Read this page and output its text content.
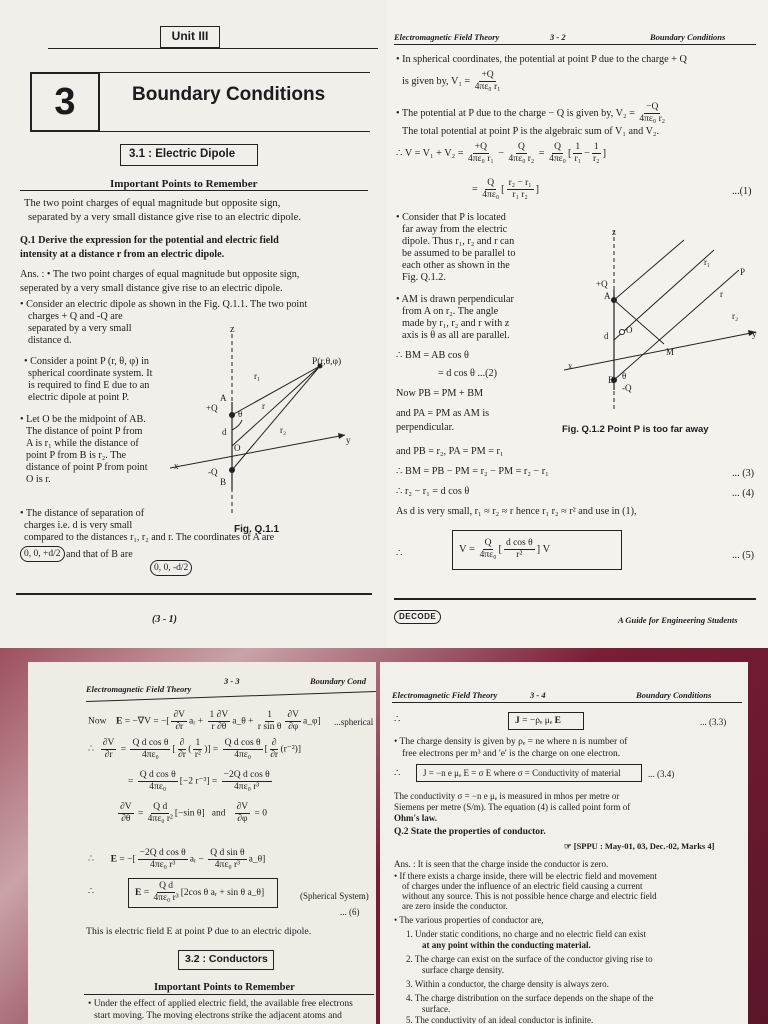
Unit III
3	Boundary Conditions
3.1 : Electric Dipole
Important Points to Remember
The two point charges of equal magnitude but opposite sign,
separated by a very small distance give rise to an electric dipole.
Q.1 Derive the expression for the potential and electric field
intensity at a distance r from an electric dipole.
Ans. : • The two point charges of equal magnitude but opposite sign,
seperated by a very small distance give rise to an electric dipole.
• Consider an electric dipole as shown in the Fig. Q.1.1. The two point
charges + Q and -Q are
separated by a very small
distance d.
• Consider a point P (r, θ, φ) in
spherical coordinate system. It
is required to find E due to an
electric dipole at point P.
• Let O be the midpoint of AB.
The distance of point P from
A is r₁ while the distance of
point P from B is r₂. The
distance of point P from point
O is r.
• The distance of separation of
charges i.e. d is very small
compared to the distances r₁, r₂ and r. The coordinates of A are
0, 0, +d/2 and that of B are
0, 0, -d/2
z
P(r,θ,φ)
r₁
r
r₂
A
+Q
θ
d
O
y
x
-Q
B
Fig. Q.1.1
(3 - 1)
Electromagnetic Field Theory	3 - 2	Boundary Conditions
• In spherical coordinates, the potential at point P due to the charge + Q
is given by, $V_1 = \frac{+Q}{\text{4πε₀ r₁}}$
• The potential at P due to the charge − Q is given by, $V_2 = \frac{-Q}{\text{4πε₀ r₂}}$
The total potential at point P is the algebraic sum of V₁ and V₂.
∴ $V = V_1 + V_2 = \frac{+Q}{\text{4πε₀ r₁}} - \frac{Q}{\text{4πε₀ r₂}} = \frac{Q}{\text{4πε₀}}$ [ $\frac{1}{\text{r₁}} - \frac{1}{\text{r₂}}$ ]
= $\frac{Q}{\text{4πε₀}}$ [ $\frac{\text{r₂ − r₁}}{\text{r₁ r₂}}$ ]	...(1)
• Consider that P is located
far away from the electric
dipole. Thus r₁, r₂ and r can
be assumed to be parallel to
each other as shown in the
Fig. Q.1.2.
• AM is drawn perpendicular
from A on r₂. The angle
made by r₁, r₂ and r with z
axis is θ as all are parallel.
∴ BM = AB cos θ
= d cos θ ...(2)
Now PB = PM + BM
and PA = PM as AM is
perpendicular.	Fig. Q.1.2 Point P is too far away
z
r₁
P
+Q
A	r
r₂
d
O	y
M
x
θ
B
-Q
and PB = r₂, PA = PM = r₁
∴ BM = PB − PM = r₂ − PM = r₂ − r₁	... (3)
∴ r₂ − r₁ = d cos θ	... (4)
As d is very small, r₁ ≈ r₂ ≈ r hence r₁ r₂ ≈ r² and use in (1),
∴	$V = \frac{Q}{\text{4πε₀}}$ [ $\frac{\text{d cos θ}}{\text{r²}}$ ] V
... (5)
DECODE	A Guide for Engineering Students
Electromagnetic Field Theory
3 - 3	Boundary Cond
Now E = −∇V = −[ $\frac{\partial V}{\partial r}$ aᵣ + $\frac{1 \partial V}{r \partial\theta}$ a_θ + $\frac{1}{\text{r sin θ}} \frac{\partial V}{\partial\varphi}$ a_φ] ...spherical
∴ $\frac{\partial V}{\partial r} = \frac{\text{Q d cos θ}}{\text{4πε₀}}$ [ $\frac{\partial}{\partial r}$ ( $\frac{1}{\text{r²}}$ )] = $\frac{\text{Q d cos θ}}{\text{4πε₀}}$ [ $\frac{\partial}{\partial r} (r^{-2})$]
= $\frac{\text{Q d cos θ}}{\text{4πε₀}} [-2$ $r^{-3}] = \frac{\text{−2Q d cos θ}}{\text{4πε₀ r³}}$
$\frac{\partial V}{\partial\theta} = \frac{\text{Q d}}{\text{4πε₀ r²}} [-\sin$ θ]   and $\frac{\partial V}{\partial\varphi} = 0$
∴       E = −[ $\frac{\text{−2Q d cos θ}}{\text{4πε₀ r³}}$ aᵣ − $\frac{\text{Q d sin θ}}{\text{4πε₀ r³}}$ a_θ]
∴	$E = \frac{\text{Q d}}{\text{4πε₀ r³}} [2\cos$ θ aᵣ + sin θ a_θ]	(Spherical System)
... (6)
This is electric field E at point P due to an electric dipole.
3.2 : Conductors
Important Points to Remember
• Under the effect of applied electric field, the available free electrons
start moving. The moving electrons strike the adjacent atoms and
Electromagnetic Field Theory	3 - 4	Boundary Conditions
∴	J = −ρₑ μₑ E	... (3.3)
• The charge density is given by ρₑ = ne where n is number of
free electrons per m³ and 'e' is the charge on one electron.
∴	J = −n e μₑ E = σ E where σ = Conductivity of material	... (3.4)
The conductivity σ = −n e μₑ is measured in mhos per metre or
Siemens per metre (S/m). The equation (4) is called point form of
Ohm's law.
Q.2 State the properties of conductor.
☞ [SPPU : May-01, 03, Dec.-02, Marks 4]
Ans. : It is seen that the charge inside the conductor is zero.
• If there exists a charge inside, there will be electric field and movement
of charges under the influence of an electric field causing a current
without any source. This is not possible hence charge and electric field
are zero inside the conductor.
• The various properties of conductor are,
1. Under static conditions, no charge and no electric field can exist
at any point within the conducting material.
2. The charge can exist on the surface of the conductor giving rise to
surface charge density.
3. Within a conductor, the charge density is always zero.
4. The charge distribution on the surface depends on the shape of the
surface.
5. The conductivity of an ideal conductor is infinite.
